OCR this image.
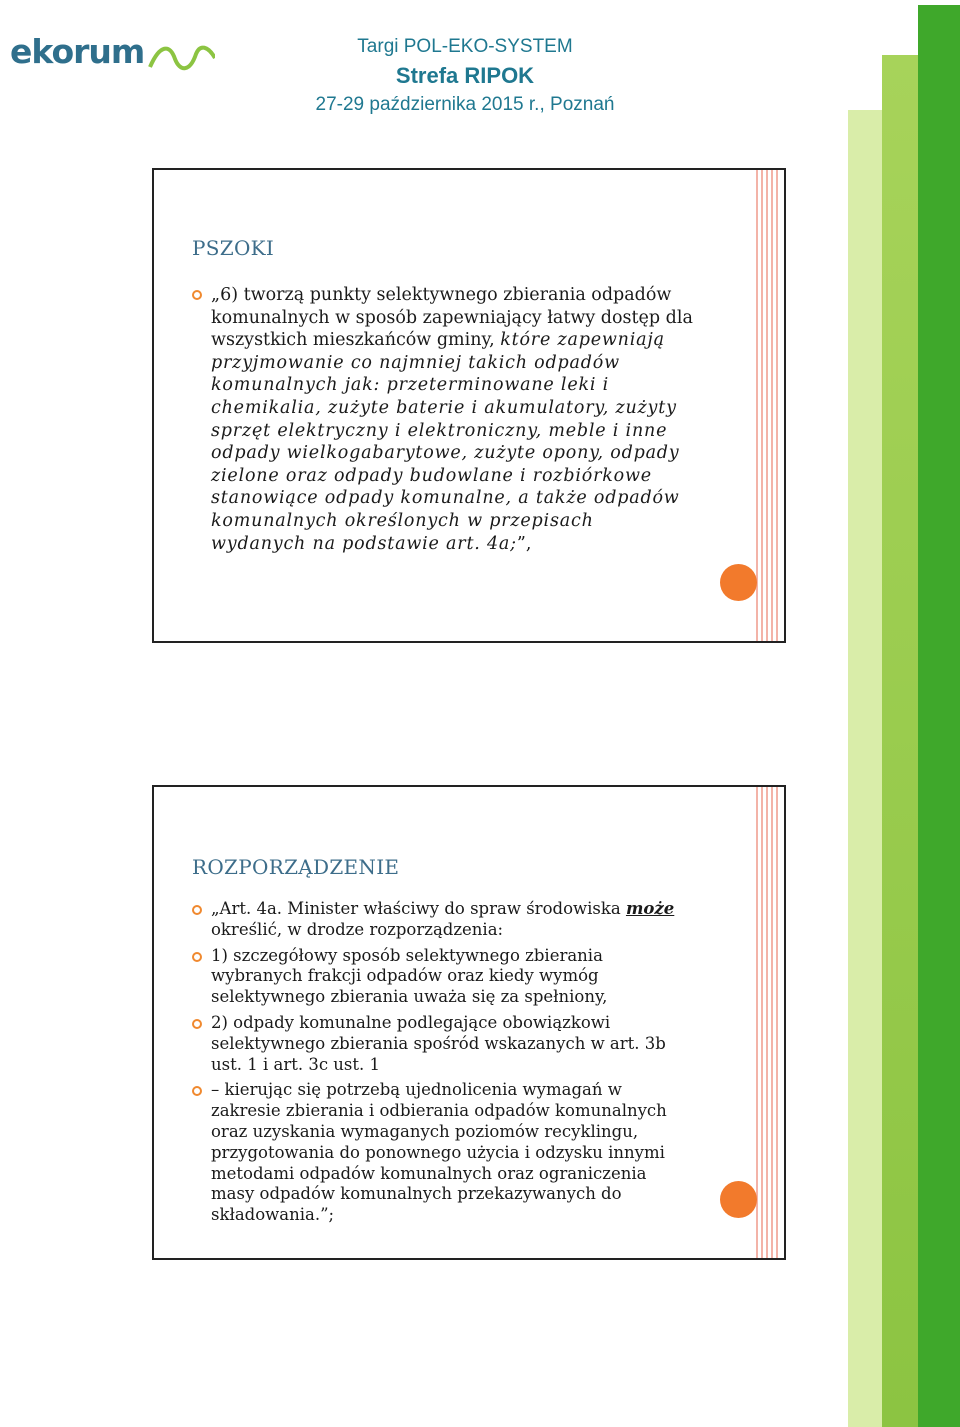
ekorum	Targi POL-EKO-SYSTEM
Strefa RIPOK
27-29 października 2015 r., Poznań
PSZOKI
„6) tworzą punkty selektywnego zbierania odpadów komunalnych w sposób zapewniający łatwy dostęp dla wszystkich mieszkańców gminy, które zapewniają przyjmowanie co najmniej takich odpadów komunalnych jak: przeterminowane leki i chemikalia, zużyte baterie i akumulatory, zużyty sprzęt elektryczny i elektroniczny, meble i inne odpady wielkogabarytowe, zużyte opony, odpady zielone oraz odpady budowlane i rozbiórkowe stanowiące odpady komunalne, a także odpadów komunalnych określonych w przepisach wydanych na podstawie art. 4a;”,
ROZPORZĄDZENIE
„Art. 4a. Minister właściwy do spraw środowiska może określić, w drodze rozporządzenia:
1) szczegółowy sposób selektywnego zbierania wybranych frakcji odpadów oraz kiedy wymóg selektywnego zbierania uważa się za spełniony,
2) odpady komunalne podlegające obowiązkowi selektywnego zbierania spośród wskazanych w art. 3b ust. 1 i art. 3c ust. 1
– kierując się potrzebą ujednolicenia wymagań w zakresie zbierania i odbierania odpadów komunalnych oraz uzyskania wymaganych poziomów recyklingu, przygotowania do ponownego użycia i odzysku innymi metodami odpadów komunalnych oraz ograniczenia masy odpadów komunalnych przekazywanych do składowania.”;
